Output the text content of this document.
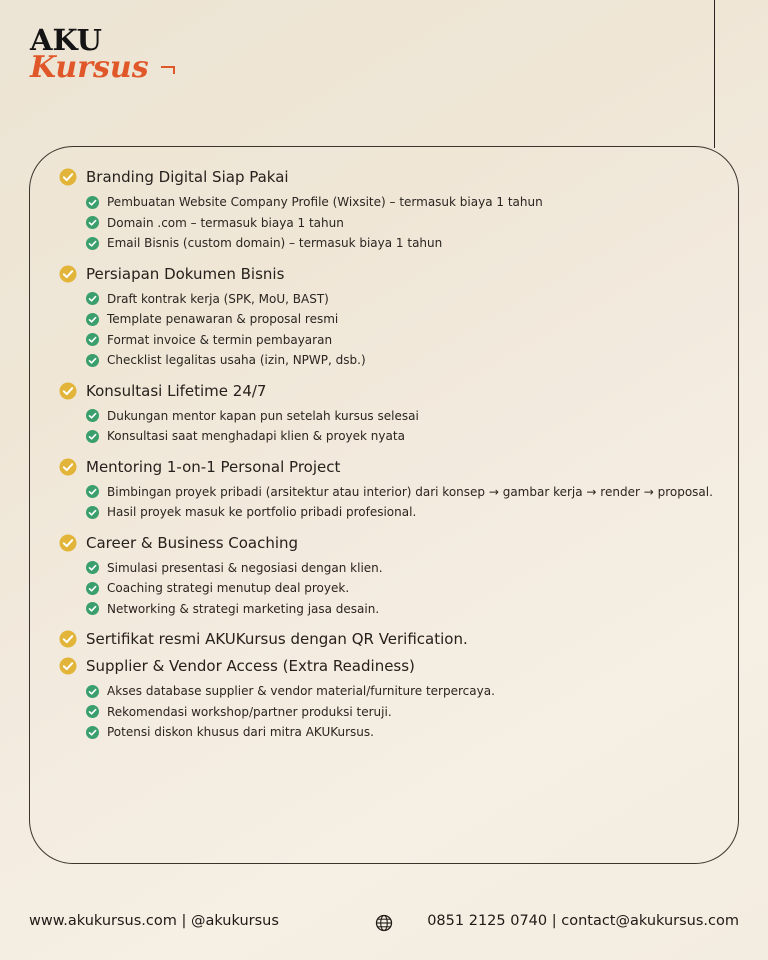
AKU
Kursus
Branding Digital Siap Pakai
Pembuatan Website Company Profile (Wixsite) – termasuk biaya 1 tahun
Domain .com – termasuk biaya 1 tahun
Email Bisnis (custom domain) – termasuk biaya 1 tahun
Persiapan Dokumen Bisnis
Draft kontrak kerja (SPK, MoU, BAST)
Template penawaran & proposal resmi
Format invoice & termin pembayaran
Checklist legalitas usaha (izin, NPWP, dsb.)
Konsultasi Lifetime 24/7
Dukungan mentor kapan pun setelah kursus selesai
Konsultasi saat menghadapi klien & proyek nyata
Mentoring 1-on-1 Personal Project
Bimbingan proyek pribadi (arsitektur atau interior) dari konsep → gambar kerja → render → proposal.
Hasil proyek masuk ke portfolio pribadi profesional.
Career & Business Coaching
Simulasi presentasi & negosiasi dengan klien.
Coaching strategi menutup deal proyek.
Networking & strategi marketing jasa desain.
Sertifikat resmi AKUKursus dengan QR Verification.
Supplier & Vendor Access (Extra Readiness)
Akses database supplier & vendor material/furniture terpercaya.
Rekomendasi workshop/partner produksi teruji.
Potensi diskon khusus dari mitra AKUKursus.
www.akukursus.com | @akukursus	0851 2125 0740 | contact@akukursus.com
